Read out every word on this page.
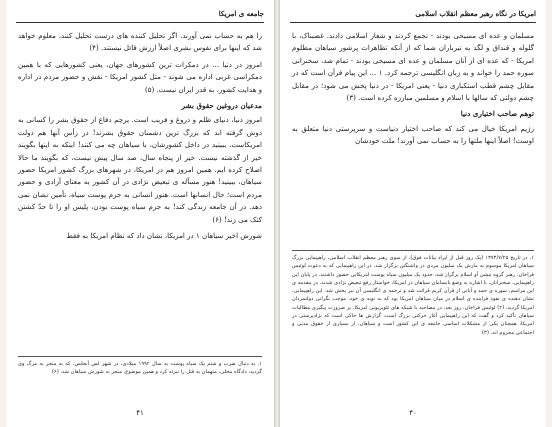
جامعه ی امریکا

را هم به حساب نمی آورند. اگر تحلیل کننده های درست تحلیل کنند، معلوم خواهد شد که اینها برای نفوس بشری اصلاً ارزش قائل نیستند. (۴)

امروز در دنیا ... در دمکرات ترین کشورهای جهان، یعنی کشورهایی که با همین دمکراسی غربی اداره می شوند - مثل کشور امریکا - نقش و حضور مردم در اداره و هدایت کشور، به قدر ایران نیست. (۵)

مدعیان دروغین حقوق بشر

امروز دنیا، دنیای ظلم و دروغ و فریب است. پرچم دفاع از حقوق بشر را کسانی به دوش گرفته اند که بزرگ ترین دشمنان حقوق بشرند! در رأس آنها هم دولت امریکاست. ببینید در داخل کشورشان، با سیاهان چه می کنند! اینکه به اینها بگویند خیر از گذشته نیست. خیر از پنجاه سال، صد سال پیش نیست، که بگویند ما حالا اصلاح کرده ایم. همین امروز هم در امریکا، در شهرهای بزرگ کشور امریکا حضور سیاهان، ببینید! هنوز مسأله ی تبعیض نژادی در آن کشور به معنای آزادی و حضور مردم است؛ حال انسانها است. هنوز انسانی به جرم پوست سیاه، تأمین نشان نمی دهد. در آن جامعه زندگی کند! به جرم سیاه پوست بودن، پلیس او را تا حدّ کشتن کتک می زند! (۶)

شورش اخیر سیاهان ۱ در امریکا، نشان داد که نظام امریکا به فقط

۱. به دنبال ضرب و شتم یک سیاه پوست به سال ۱۹۹۲ میلادی، در شهر لس آنجلس، که به منجر به مرگ وی گردید، دادگاه محلی، متهمان به قتل را تبرئه کرد و همین موضوع، منجر به شورش سیاهان شد. (۶)
۴۱
امریکا در نگاه رهبر معظم انقلاب اسلامی

مسلمان و عده ای مسیحی بودند - تجمع کردند و شعار اسلامی دادند. غضبناک، با گلوله و قنداق و لگد به تیرباران شما که از آنکه تظاهرات پرشور سیاهان مظلوم امریکا - که عده ای از آنان مسلمان و عده ای مسیحی بودند - تمام شد، سخنرانی سوره حمد را خواند و به زبان انگلیسی ترجمه کرد. ۱ ... این پیام قرآن است که در مقابل چشم قطب استکباری دنیا - یعنی امریکا - در دنیا پخش می شود؛ در مقابل چشم دولتی که سالها با اسلام و مسلمین مبارزه کرده است. (۳)

توهم صاحب اختیاری دنیا

رژیم امریکا خیال می کند که صاحب اختیار دنیاست و سرپرستی دنیا متعلق به اوست! اصلاً اینها ملتها را به حساب نمی آورند! ملت خودشان

۱. در تاریخ ۱۳۷۴/۷/۲۵ (یک روز قبل از ایراد بیانات فوق)، از سوی رهبر معظم انقلاب اسلامی، راهپیمایی بزرگ سیاهان امریکا موسوم به مارش یک میلیون مردی در واشنگتن برگزار شد. در این راهپیمایی که به دعوت لوئیس فراخان، رهبر گروه نیشن آو اسلام برگزار شد، حدود یک میلیون سیاه پوست امریکایی حضور داشتند. در پایان این راهپیمایی، سخنرانان، با اشاره به وضع نابسامان سیاهان در امریکا، خواستار رفع تبعیض نژادی شدند. در مقدمه ی این مراسم، سوره ی حمد و آیاتی از قرآن کریم قرائت شد و ترجمه ی انگلیسی آن نیز پخش شد. این راهپیمایی، نشان دهنده ی نفوذ فزاینده ی اسلام در میان سیاهان امریکا بود که به نوبه ی خود، موجب نگرانی دولتمردان امریکا گردید. (۲) لوئیس فراخان، روز بعد، در مصاحبه با شبکه های تلویزیونی امریکا، بر ضرورت پیگیری مطالبات سیاهان تأکید کرد و گفت که این راهپیمایی آغاز حرکتی بزرگ است. گزارش ها حاکی است که نژادپرستی در امریکا، همچنان یکی از مشکلات اساسی جامعه ی این کشور است و سیاهان، از بسیاری از حقوق مدنی و اجتماعی محروم اند. (۳)
۴۰
